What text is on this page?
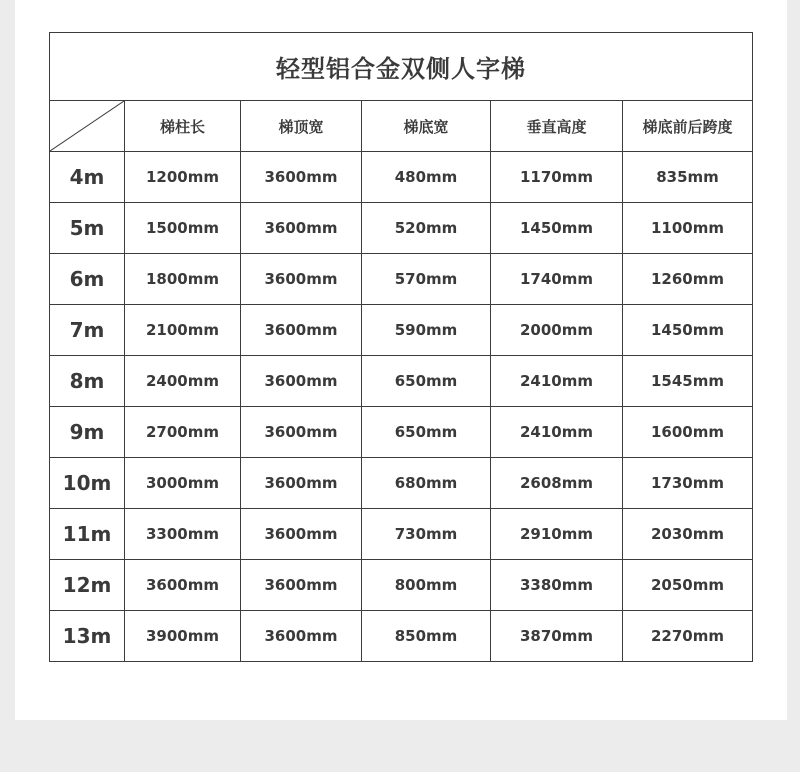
轻型铝合金双侧人字梯					

	梯柱长	梯顶宽	梯底宽	垂直高度	梯底前后跨度
4m	1200mm	3600mm	480mm	1170mm	835mm
5m	1500mm	3600mm	520mm	1450mm	1100mm
6m	1800mm	3600mm	570mm	1740mm	1260mm
7m	2100mm	3600mm	590mm	2000mm	1450mm
8m	2400mm	3600mm	650mm	2410mm	1545mm
9m	2700mm	3600mm	650mm	2410mm	1600mm
10m	3000mm	3600mm	680mm	2608mm	1730mm
11m	3300mm	3600mm	730mm	2910mm	2030mm
12m	3600mm	3600mm	800mm	3380mm	2050mm
13m	3900mm	3600mm	850mm	3870mm	2270mm
